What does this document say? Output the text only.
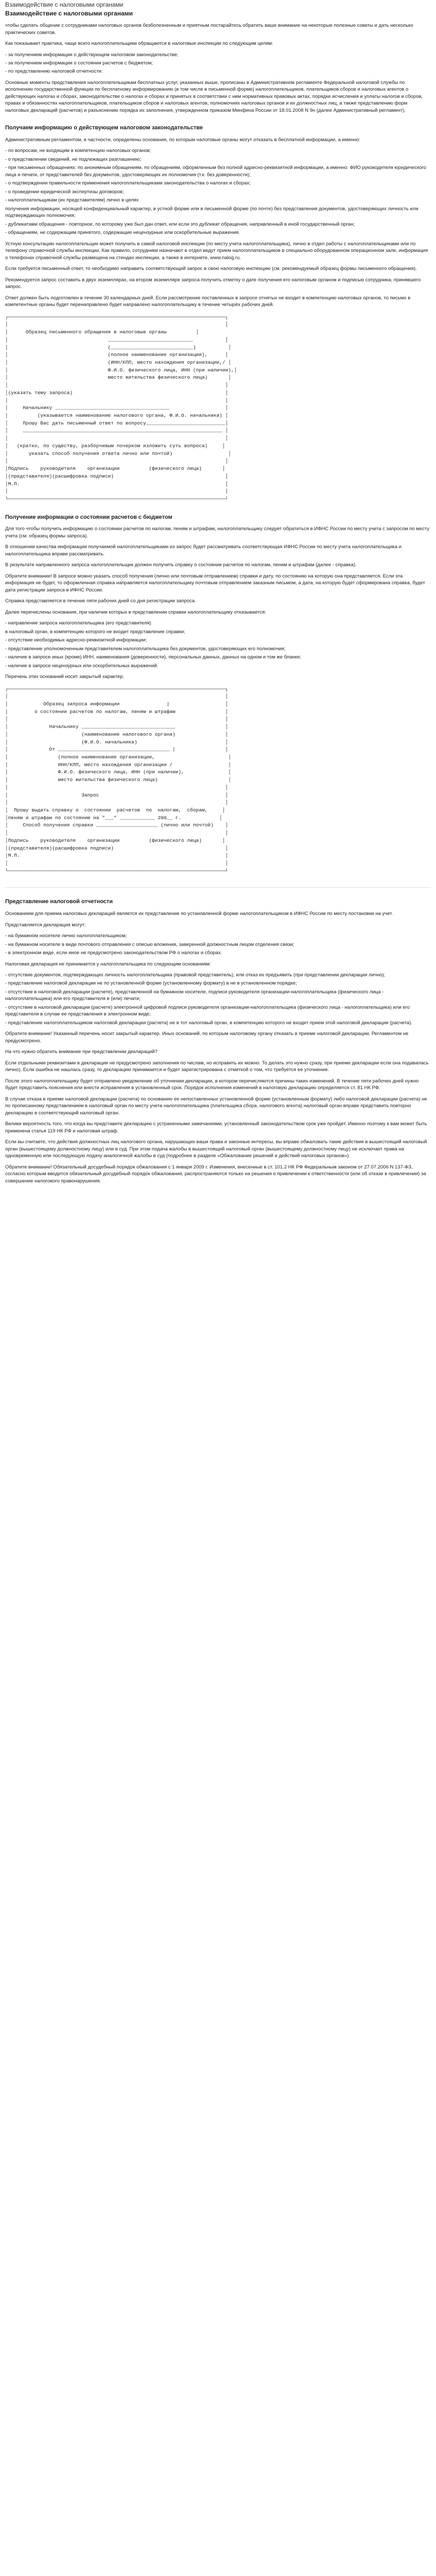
Взаимодействие с налоговыми органами
Взаимодействие с налоговыми органами

чтобы сделать общение с сотрудниками налоговых органов безболезненным и приятным постарайтесь обратить ваше внимание на некоторые полезные советы и дать несколько практических советов.

Как показывает практика, чаще всего налогоплательщики обращаются в налоговые инспекции по следующим целям:

- за получением информации о действующем налоговом законодательстве;
- за получением информации о состоянии расчетов с бюджетом;
- по представлению налоговой отчетности.

Основные моменты представления налогоплательщикам бесплатных услуг, указанных выше, прописаны в Административном регламенте Федеральной налоговой службы по исполнению государственной функции по бесплатному информированию (в том числе в письменной форме) налогоплательщиков, плательщиков сборов и налоговых агентов о действующих налогах и сборах, законодательстве о налогах и сборах и принятых в соответствии с ним нормативных правовых актах, порядке исчисления и уплаты налогов и сборов, правах и обязанностях налогоплательщиков, плательщиков сборов и налоговых агентов, полномочиях налоговых органов и их должностных лиц, а также представлению форм налоговых деклараций (расчетов) и разъяснению порядка их заполнения, утвержденном приказом Минфина России от 18.01.2008 N 9н (далее Административный регламент).

Получаем информацию о действующем налоговом законодательстве

Административным регламентом, в частности, определены основания, по которым налоговые органы могут отказать в бесплатной информации, а именно:

- по вопросам, не входящим в компетенцию налоговых органов;
- о представлении сведений, не подлежащих разглашению;
- при письменных обращениях: по анонимным обращениям, по обращениям, оформленным без полной адресно-реквизитной информации, а именно: ФИО руководителя юридического лица и печати, от представителей без документов, удостоверяющих их полномочия (т.к. без доверенности);
- о подтверждении правильности применения налогоплательщиками законодательства о налогах и сборах;
- о проведении юридической экспертизы договоров;
- налогоплательщикам (их представителям) лично в целях
получения информации, носящей конфиденциальный характер, в устной форме или в письменной форме (по почте) без представления документов, удостоверяющих личность или подтверждающих полномочия;
- дубликатами обращения - повторное, по которому уже был дан ответ, или если это дубликат обращения, направленный в иной государственный орган;
- обращениям, не содержащим принятого, содержащие нецензурные или оскорбительные выражения.

Устную консультацию налогоплательщик может получить в самой налоговой инспекции (по месту учета налогоплательщика), лично в отдел работы с налогоплательщиками или по телефону справочной службы инспекции. Как правило, сотрудники назначают в отдел ведут прием налогоплательщиков в специально оборудованном операционном зале, информация о телефонах справочной службы размещена на стендах инспекции, а также в интернете, www.nalog.ru.

Если требуется письменный ответ, то необходимо направить соответствующий запрос в свою налоговую инспекцию (см. рекомендуемый образец формы письменного обращения).

Рекомендуется запрос составить в двух экземплярах, на втором экземпляре запроса получить отметку о дате получения его налоговым органом и подписью сотрудника, принявшего запрос.

Ответ должен быть подготовлен в течение 30 календарных дней. Если рассмотрение поставленных в запросе отнятых не входит в компетенцию налоговых органов, то письмо в компетентные органы будет перенаправлено будет направлено налогоплательщику в течение четырёх рабочих дней.

┌──────────────────────────────────────────────────────────────────────────┐
│                                                                          │
│      Образец письменного обращения в налоговые органы          │
│                                  _____________________________           │
│                                  (____________________________)           │
│                                  (полное наименование организации),      │
│                                  (ИНН/КПП, место нахождения организации,/ │
│                                  Ф.И.О. физического лица, ИНН (при наличии),│
│                                  место жительства физического лица)       │
│                                                                          │
│(указать тему запроса)                                                    │
│                                                                          │
│     Начальнику _______________________________________                   │
│          (указывается наименование налогового органа, Ф.И.О. начальника) │
│     Прошу Вас дать письменный ответ по вопросу___________________________│
│     ____________________________________________________________________ │
│                                                                          │
│   (кратко, по существу, разборчивым почерком изложить суть вопроса)     │
│       указать способ получения ответа лично или почтой)                   │
│                                                                          │
│Подпись    руководителя    организации          (физического лица)       │
│(представителя)(расшифровка подписи)                                      │
│М.П.                                                                      │
│                                                                          │
└──────────────────────────────────────────────────────────────────────────┘
Получение информации о состоянии расчетов с бюджетом

Для того чтобы получить информацию о состоянии расчетов по налогам, пеням и штрафам, налогоплательщику следует обратиться в ИФНС России по месту учета с запросом по месту учета (см. образец формы запроса).

В отношении качества информации получаемой налогоплательщиками из запрос будет рассматривать соответствующая ИФНС России по месту учета налогоплательщика и налогоплательщика вправе рассматривать.

В результате направленного запроса налогоплательщик должен получить справку о состоянии расчетов по налогам, пеням и штрафам (далее - справка).

Обратите внимание! В запросе можно указать способ получения (лично или почтовым отправлением) справки и дату, по состоянию на которую она представляется. Если эта информация не будет, то оформленная справка направляется налогоплательщику почтовым отправлением заказным письмом, а дата, на которую будет сформирована справка, будет дата регистрации запроса в ИФНС России.

Справка представляется в течение пяти рабочих дней со дня регистрации запроса.

Далее перечислены основания, при наличии которых в представлении справки налогоплательщику отказывается:

- направление запроса налогоплательщика (его представителя)
в налоговый орган, в компетенцию которого не входит представление справки;
- отсутствие необходимых адресно-реквизитной информации;
- представление уполномоченным представителем налогоплательщика без документов, удостоверяющих его полномочия;
- наличие в запросе иных (кроме) ИНН, наименования (доверенности), персональных данных, данных на одном и том же бланке;
- наличие в запросе нецензурных или оскорбительных выражений.

Перечень этих оснований носит закрытый характер.

┌──────────────────────────────────────────────────────────────────────────┐
│                                                                          │
│            Образец запроса информации                |                   │
│         о состоянии расчетов по налогам, пеням и штрафам                 │
│                                                                          │
│              Начальнику ________________________________                 │
│                         (наименование налогового органа)                 │
│                         (Ф.И.О. начальника)                              │
│              От ______________________________________ |                 │
│                 (полное наименование организации,                         │
│                 ИНН/КПП, место нахождения организации /                   │
│                 Ф.И.О. физического лица, ИНН (при наличии),               │
│                 место жительства физического лица)                        │
│                                                                          │
│                         Запрос                                           │
│                                                                          │
│  Прошу выдать справку о  состоянии  расчетов  по  налогам,  сборам,     │
│пеням и штрафам по состоянию на "___" ____________ 200__ г.             │
│     Способ получения справки _____________________ (лично или почтой)    │
│                                                                          │
│Подпись    руководителя    организации          (физического лица)       │
│(представителя)(расшифровка подписи)                                      │
│М.П.                                                                      │
│                                                                          │
└──────────────────────────────────────────────────────────────────────────┘
Представление налоговой отчетности

Основанием для приема налоговых деклараций является их представление по установленной форме налогоплательщиком в ИФНС России по месту постановки на учет.

Представляется декларация могут:

- на бумажном носителе лично налогоплательщиком;
- на бумажном носителе в виде почтового отправления с описью вложения, заверенной должностным лицом отделения связи;
- в электронном виде, если иное не предусмотрено законодательством РФ о налогах и сборах.

Налоговая декларация не принимается у налогоплательщика по следующим основаниям:

- отсутствие документов, подтверждающих личность налогоплательщика (правовой представитель), или отказ их предъявить (при представлении декларации лично);
- представление налоговой декларации не по установленной форме (установленному формату) в не в установленном порядке;
- отсутствие в налоговой декларации (расчете), представленной на бумажном носителе, подписи руководителя организации-налогоплательщика (физического лица - налогоплательщика) или его представителя в (или) печати;
- отсутствие в налоговой декларации (расчете) электронной цифровой подписи руководителя организации-налогоплательщика (физического лица - налогоплательщика) или его представителя в случае ее представления в электронном виде;
- представление налогоплательщиком налоговой декларации (расчета) не в тот налоговый орган, в компетенцию которого не входит прием этой налоговой декларации (расчета).

Обратите внимание! Указанный перечень носит закрытый характер. Иных оснований, по которым налоговому органу отказать в приеме налоговой декларации, Регламентом не предусмотрено.

На что нужно обратить внимание при представлении деклараций?

Если отдельными реквизитами в декларации не предусмотрено заполнения по числам, но исправить их можно. То делать это нужно сразу, при приеме декларации если она подавалась лично). Если ошибка не нашлась сразу, то декларацию принимается и будет зарегистрирована с отметкой о том, что требуется ее уточнение.

После этого налогоплательщику будет отправлено уведомление об уточнении декларации, в котором перечисляются причины таких изменений. В течение пяти рабочих дней нужно будет представить пояснения или внести исправления в установленный срок. Порядок исполнения изменений в налоговую декларацию определяется ст. 81 НК РФ.

В случае отказа в приеме налоговой декларации (расчета) по основанию ее непоставленных установленной форме (установленным формату) либо налоговой декларации (расчета) не по прописанному представлением в налоговый орган по месту учета налогоплательщика (плательщика сбора, налогового агента) налоговый орган вправе представить повторно декларацию в соответствующий налоговый орган.

Велики вероятность того, что когда вы представите декларацию с устраненными замечаниями, установленный законодательством срок уже пройдет. Именно поэтому к вам может быть применена статья 119 НК РФ и налоговая штраф.

Если вы считаете, что действия должностных лиц налогового органа, нарушающих ваши права и законные интересы, вы вправе обжаловать такие действия в вышестоящий налоговый орган (вышестоящему должностному лицу) или в суд. При этом подача жалобы в вышестоящий налоговый орган (вышестоящему должностному лицу) не исключает права на одновременную или последующую подачу аналогичной жалобы в суд (подробнее в разделе «Обжалование решений и действий налоговых органов»).

Обратите внимание! Обязательный досудебный порядок обжалования с 1 января 2009 г. Изменения, внесенные в ст. 101.2 НК РФ Федеральным законом от 27.07.2006 N 137-ФЗ, согласно которым вводится обязательный досудебный порядок обжалования, распространяются только на решения о привлечении к ответственности (или об отказе в привлечении) за совершение налогового правонарушения.
